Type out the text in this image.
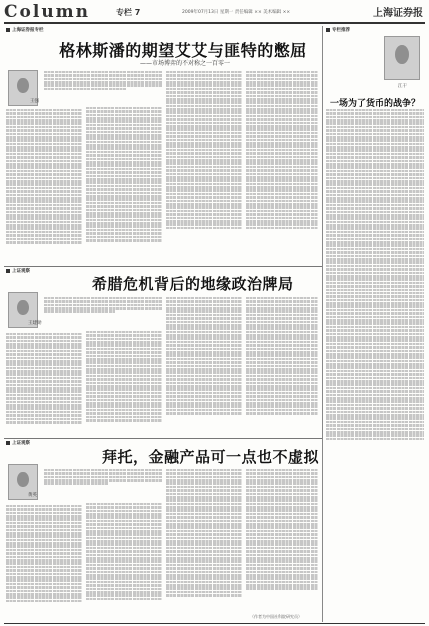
Column	专栏 7	2009年07月13日 星期一 责任编辑 ×× 美术编辑 ××	上海证券报
上海证券报专栏	专栏推荐
格林斯潘的期望艾艾与匪特的憋屈
——市场博弈的不对称之一百零一
王强	一场为了货币的战争？
江干
上证观察
希腊危机背后的地缘政治牌局
王建勋
上证观察
拜托，金融产品可一点也不虚拟
黄英
（作者为中国社科院研究员）
